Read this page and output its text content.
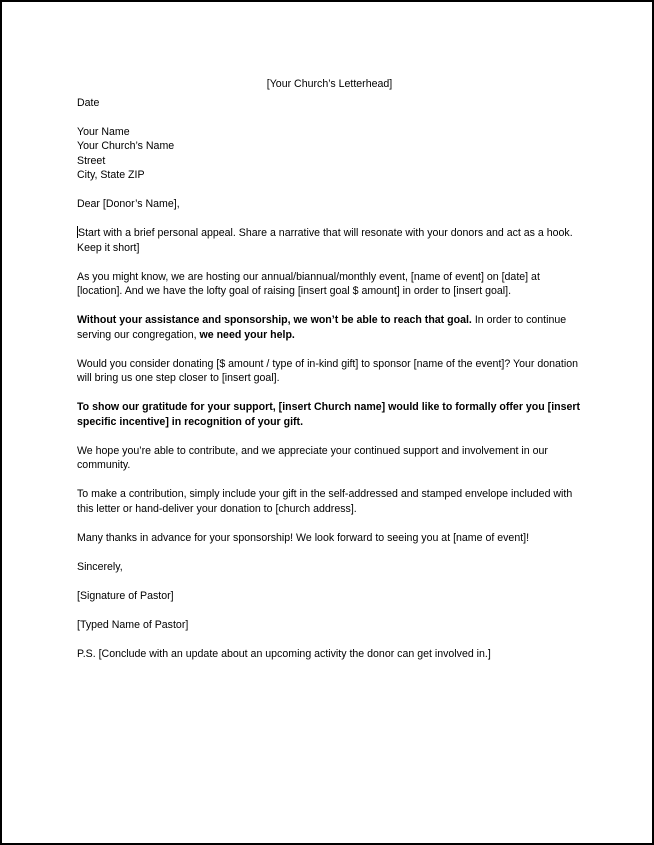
[Your Church’s Letterhead]

Date

Your Name

Your Church’s Name

Street

City, State ZIP

Dear [Donor’s Name],

Start with a brief personal appeal. Share a narrative that will resonate with your donors and act as a hook. Keep it short]

As you might know, we are hosting our annual/biannual/monthly event, [name of event] on [date] at [location]. And we have the lofty goal of raising [insert goal $ amount] in order to [insert goal].

Without your assistance and sponsorship, we won’t be able to reach that goal. In order to continue serving our congregation, we need your help.

Would you consider donating [$ amount / type of in-kind gift] to sponsor [name of the event]? Your donation will bring us one step closer to [insert goal].

To show our gratitude for your support, [insert Church name] would like to formally offer you [insert specific incentive] in recognition of your gift.

We hope you’re able to contribute, and we appreciate your continued support and involvement in our community.

To make a contribution, simply include your gift in the self-addressed and stamped envelope included with this letter or hand-deliver your donation to [church address].

Many thanks in advance for your sponsorship! We look forward to seeing you at [name of event]!

Sincerely,

[Signature of Pastor]

[Typed Name of Pastor]

P.S. [Conclude with an update about an upcoming activity the donor can get involved in.]
